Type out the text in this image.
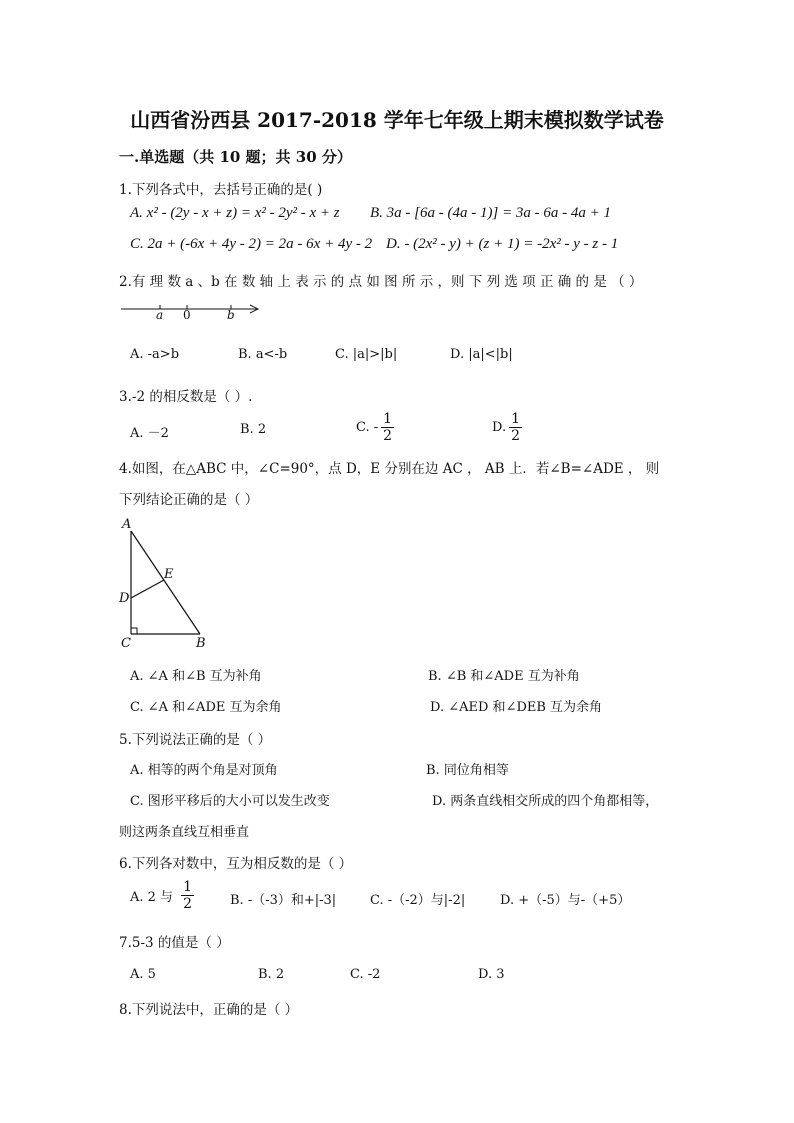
山西省汾西县 2017-2018 学年七年级上期末模拟数学试卷
一.单选题（共 10 题；共 30 分）
1.下列各式中，去括号正确的是( )
A. x² - (2y - x + z) = x² - 2y² - x + z B. 3a - [6a - (4a - 1)] = 3a - 6a - 4a + 1
C. 2a + (-6x + 4y - 2) = 2a - 6x + 4y - 2 D. - (2x² - y) + (z + 1) = -2x² - y - z - 1
2.有 理 数 a 、b 在 数 轴 上 表 示 的 点 如 图 所 示 ，则 下 列 选 项 正 确 的 是 （ ）
a 0	b
A. -a>b	B. a<-b	C. |a|>|b|	D. |a|<|b|
3.-2 的相反数是（ ）.
A. －2	B. 2	C. - $\frac{1}{2}$	D. $\frac{1}{2}$
4.如图，在△ABC 中，∠C=90°，点 D，E 分别在边 AC ， AB 上．若∠B=∠ADE ， 则
下列结论正确的是（ ）
A
E
D
C	B
A. ∠A 和∠B 互为补角	B. ∠B 和∠ADE 互为补角
C. ∠A 和∠ADE 互为余角	D. ∠AED 和∠DEB 互为余角
5.下列说法正确的是（ ）
A. 相等的两个角是对顶角	B. 同位角相等
C. 图形平移后的大小可以发生改变	D. 两条直线相交所成的四个角都相等，
则这两条直线互相垂直
6.下列各对数中，互为相反数的是（ ）
A. 2 与 $\frac{1}{2}$	B. -（-3）和+|-3|	C. -（-2）与|-2|	D. +（-5）与-（+5）
7.5-3 的值是（ ）
A. 5	B. 2	C. -2	D. 3
8.下列说法中，正确的是（ ）
